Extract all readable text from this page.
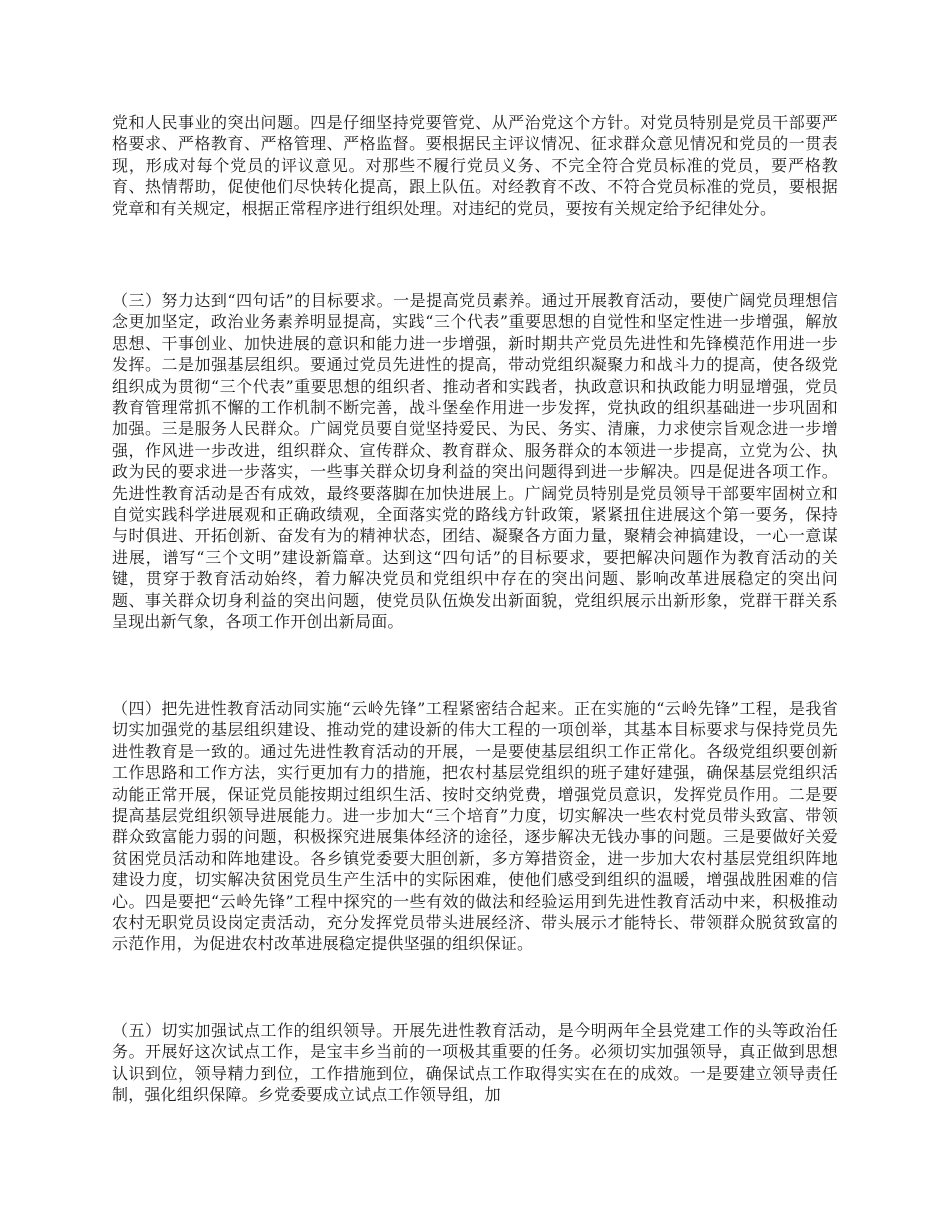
党和人民事业的突出问题。四是仔细坚持党要管党、从严治党这个方针。对党员特别是党员干部要严格要求、严格教育、严格管理、严格监督。要根据民主评议情况、征求群众意见情况和党员的一贯表现，形成对每个党员的评议意见。对那些不履行党员义务、不完全符合党员标准的党员，要严格教育、热情帮助，促使他们尽快转化提高，跟上队伍。对经教育不改、不符合党员标准的党员，要根据党章和有关规定，根据正常程序进行组织处理。对违纪的党员，要按有关规定给予纪律处分。

（三）努力达到“四句话”的目标要求。一是提高党员素养。通过开展教育活动，要使广阔党员理想信念更加坚定，政治业务素养明显提高，实践“三个代表”重要思想的自觉性和坚定性进一步增强，解放思想、干事创业、加快进展的意识和能力进一步增强，新时期共产党员先进性和先锋模范作用进一步发挥。二是加强基层组织。要通过党员先进性的提高，带动党组织凝聚力和战斗力的提高，使各级党组织成为贯彻“三个代表”重要思想的组织者、推动者和实践者，执政意识和执政能力明显增强，党员教育管理常抓不懈的工作机制不断完善，战斗堡垒作用进一步发挥，党执政的组织基础进一步巩固和加强。三是服务人民群众。广阔党员要自觉坚持爱民、为民、务实、清廉，力求使宗旨观念进一步增强，作风进一步改进，组织群众、宣传群众、教育群众、服务群众的本领进一步提高，立党为公、执政为民的要求进一步落实，一些事关群众切身利益的突出问题得到进一步解决。四是促进各项工作。先进性教育活动是否有成效，最终要落脚在加快进展上。广阔党员特别是党员领导干部要牢固树立和自觉实践科学进展观和正确政绩观，全面落实党的路线方针政策，紧紧扭住进展这个第一要务，保持与时俱进、开拓创新、奋发有为的精神状态，团结、凝聚各方面力量，聚精会神搞建设，一心一意谋进展，谱写“三个文明”建设新篇章。达到这“四句话”的目标要求，要把解决问题作为教育活动的关键，贯穿于教育活动始终，着力解决党员和党组织中存在的突出问题、影响改革进展稳定的突出问题、事关群众切身利益的突出问题，使党员队伍焕发出新面貌，党组织展示出新形象，党群干群关系呈现出新气象，各项工作开创出新局面。

（四）把先进性教育活动同实施“云岭先锋”工程紧密结合起来。正在实施的“云岭先锋”工程，是我省切实加强党的基层组织建设、推动党的建设新的伟大工程的一项创举，其基本目标要求与保持党员先进性教育是一致的。通过先进性教育活动的开展，一是要使基层组织工作正常化。各级党组织要创新工作思路和工作方法，实行更加有力的措施，把农村基层党组织的班子建好建强，确保基层党组织活动能正常开展，保证党员能按期过组织生活、按时交纳党费，增强党员意识，发挥党员作用。二是要提高基层党组织领导进展能力。进一步加大“三个培育”力度，切实解决一些农村党员带头致富、带领群众致富能力弱的问题，积极探究进展集体经济的途径，逐步解决无钱办事的问题。三是要做好关爱贫困党员活动和阵地建设。各乡镇党委要大胆创新，多方筹措资金，进一步加大农村基层党组织阵地建设力度，切实解决贫困党员生产生活中的实际困难，使他们感受到组织的温暖，增强战胜困难的信心。四是要把“云岭先锋”工程中探究的一些有效的做法和经验运用到先进性教育活动中来，积极推动农村无职党员设岗定责活动，充分发挥党员带头进展经济、带头展示才能特长、带领群众脱贫致富的示范作用，为促进农村改革进展稳定提供坚强的组织保证。

（五）切实加强试点工作的组织领导。开展先进性教育活动，是今明两年全县党建工作的头等政治任务。开展好这次试点工作，是宝丰乡当前的一项极其重要的任务。必须切实加强领导，真正做到思想认识到位，领导精力到位，工作措施到位，确保试点工作取得实实在在的成效。一是要建立领导责任制，强化组织保障。乡党委要成立试点工作领导组，加
